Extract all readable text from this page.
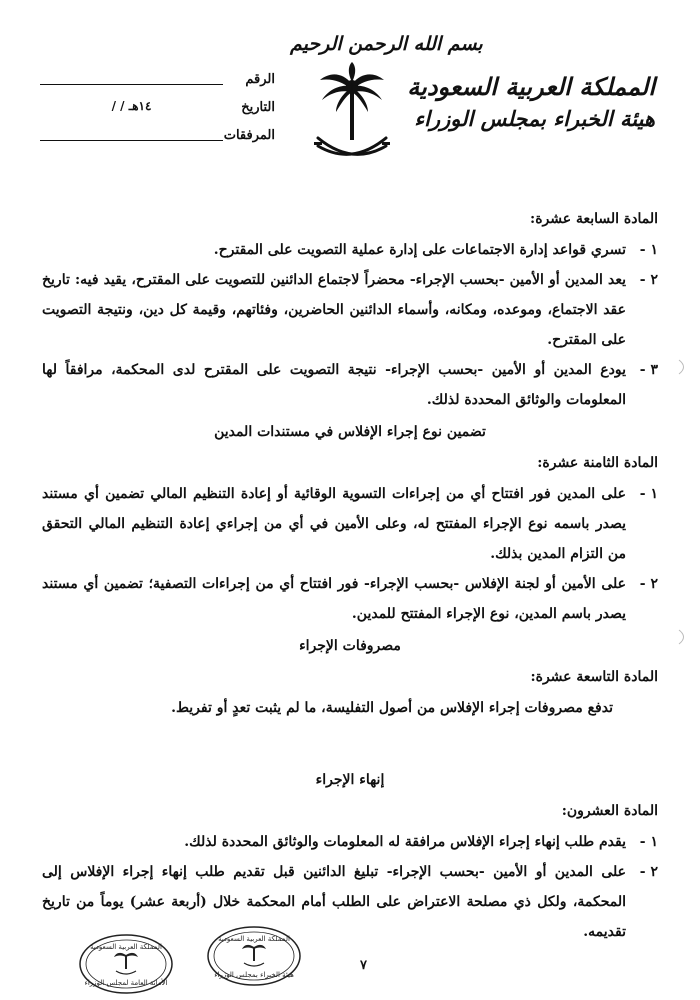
بسم الله الرحمن الرحيم
المملكة العربية السعودية
هيئة الخبراء بمجلس الوزراء
الرقم
التاريخ
/ / ١٤هـ
المرفقات
المادة السابعة عشرة:
١ -
تسري قواعد إدارة الاجتماعات على إدارة عملية التصويت على المقترح.
٢ -
يعد المدين أو الأمين -بحسب الإجراء- محضراً لاجتماع الدائنين للتصويت على المقترح، يقيد فيه: تاريخ عقد الاجتماع، وموعده، ومكانه، وأسماء الدائنين الحاضرين، وفئاتهم، وقيمة كل دين، ونتيجة التصويت على المقترح.
٣ -
يودع المدين أو الأمين -بحسب الإجراء- نتيجة التصويت على المقترح لدى المحكمة، مرافقاً لها المعلومات والوثائق المحددة لذلك.
تضمين نوع إجراء الإفلاس في مستندات المدين
المادة الثامنة عشرة:
١ -
على المدين فور افتتاح أي من إجراءات التسوية الوقائية أو إعادة التنظيم المالي تضمين أي مستند يصدر باسمه نوع الإجراء المفتتح له، وعلى الأمين في أي من إجراءي إعادة التنظيم المالي التحقق من التزام المدين بذلك.
٢ -
على الأمين أو لجنة الإفلاس -بحسب الإجراء- فور افتتاح أي من إجراءات التصفية؛ تضمين أي مستند يصدر باسم المدين، نوع الإجراء المفتتح للمدين.
مصروفات الإجراء
المادة التاسعة عشرة:
تدفع مصروفات إجراء الإفلاس من أصول التفليسة، ما لم يثبت تعدٍ أو تفريط.
إنهاء الإجراء
المادة العشرون:
١ -
يقدم طلب إنهاء إجراء الإفلاس مرافقة له المعلومات والوثائق المحددة لذلك.
٢ -
على المدين أو الأمين -بحسب الإجراء- تبليغ الدائنين قبل تقديم طلب إنهاء إجراء الإفلاس إلى المحكمة، ولكل ذي مصلحة الاعتراض على الطلب أمام المحكمة خلال (أربعة عشر) يوماً من تاريخ تقديمه.
٧
المملكة العربية السعودية
الأمانة العامة لمجلس الوزراء
المملكة العربية السعودية
هيئة الخبراء بمجلس الوزراء
